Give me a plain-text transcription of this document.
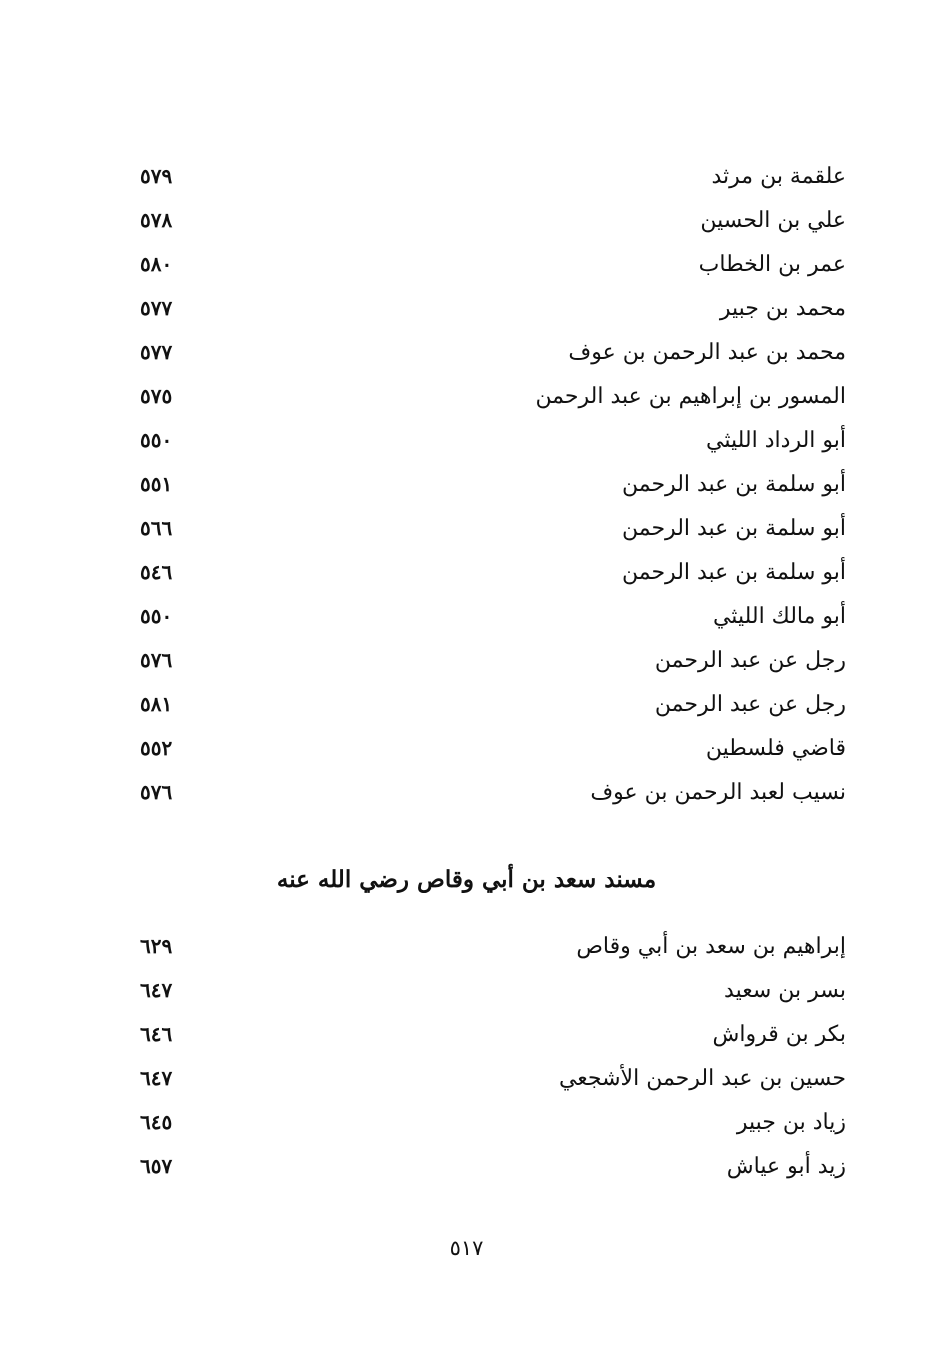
علقمة بن مرثد
٥٧٩
علي بن الحسين
٥٧٨
عمر بن الخطاب
٥٨٠
محمد بن جبير
٥٧٧
محمد بن عبد الرحمن بن عوف
٥٧٧
المسور بن إبراهيم بن عبد الرحمن
٥٧٥
أبو الرداد الليثي
٥٥٠
أبو سلمة بن عبد الرحمن
٥٥١
أبو سلمة بن عبد الرحمن
٥٦٦
أبو سلمة بن عبد الرحمن
٥٤٦
أبو مالك الليثي
٥٥٠
رجل عن عبد الرحمن
٥٧٦
رجل عن عبد الرحمن
٥٨١
قاضي فلسطين
٥٥٢
نسيب لعبد الرحمن بن عوف
٥٧٦
مسند سعد بن أبي وقاص رضي الله عنه
إبراهيم بن سعد بن أبي وقاص
٦٢٩
بسر بن سعيد
٦٤٧
بكر بن قرواش
٦٤٦
حسين بن عبد الرحمن الأشجعي
٦٤٧
زياد بن جبير
٦٤٥
زيد أبو عياش
٦٥٧
٥١٧
